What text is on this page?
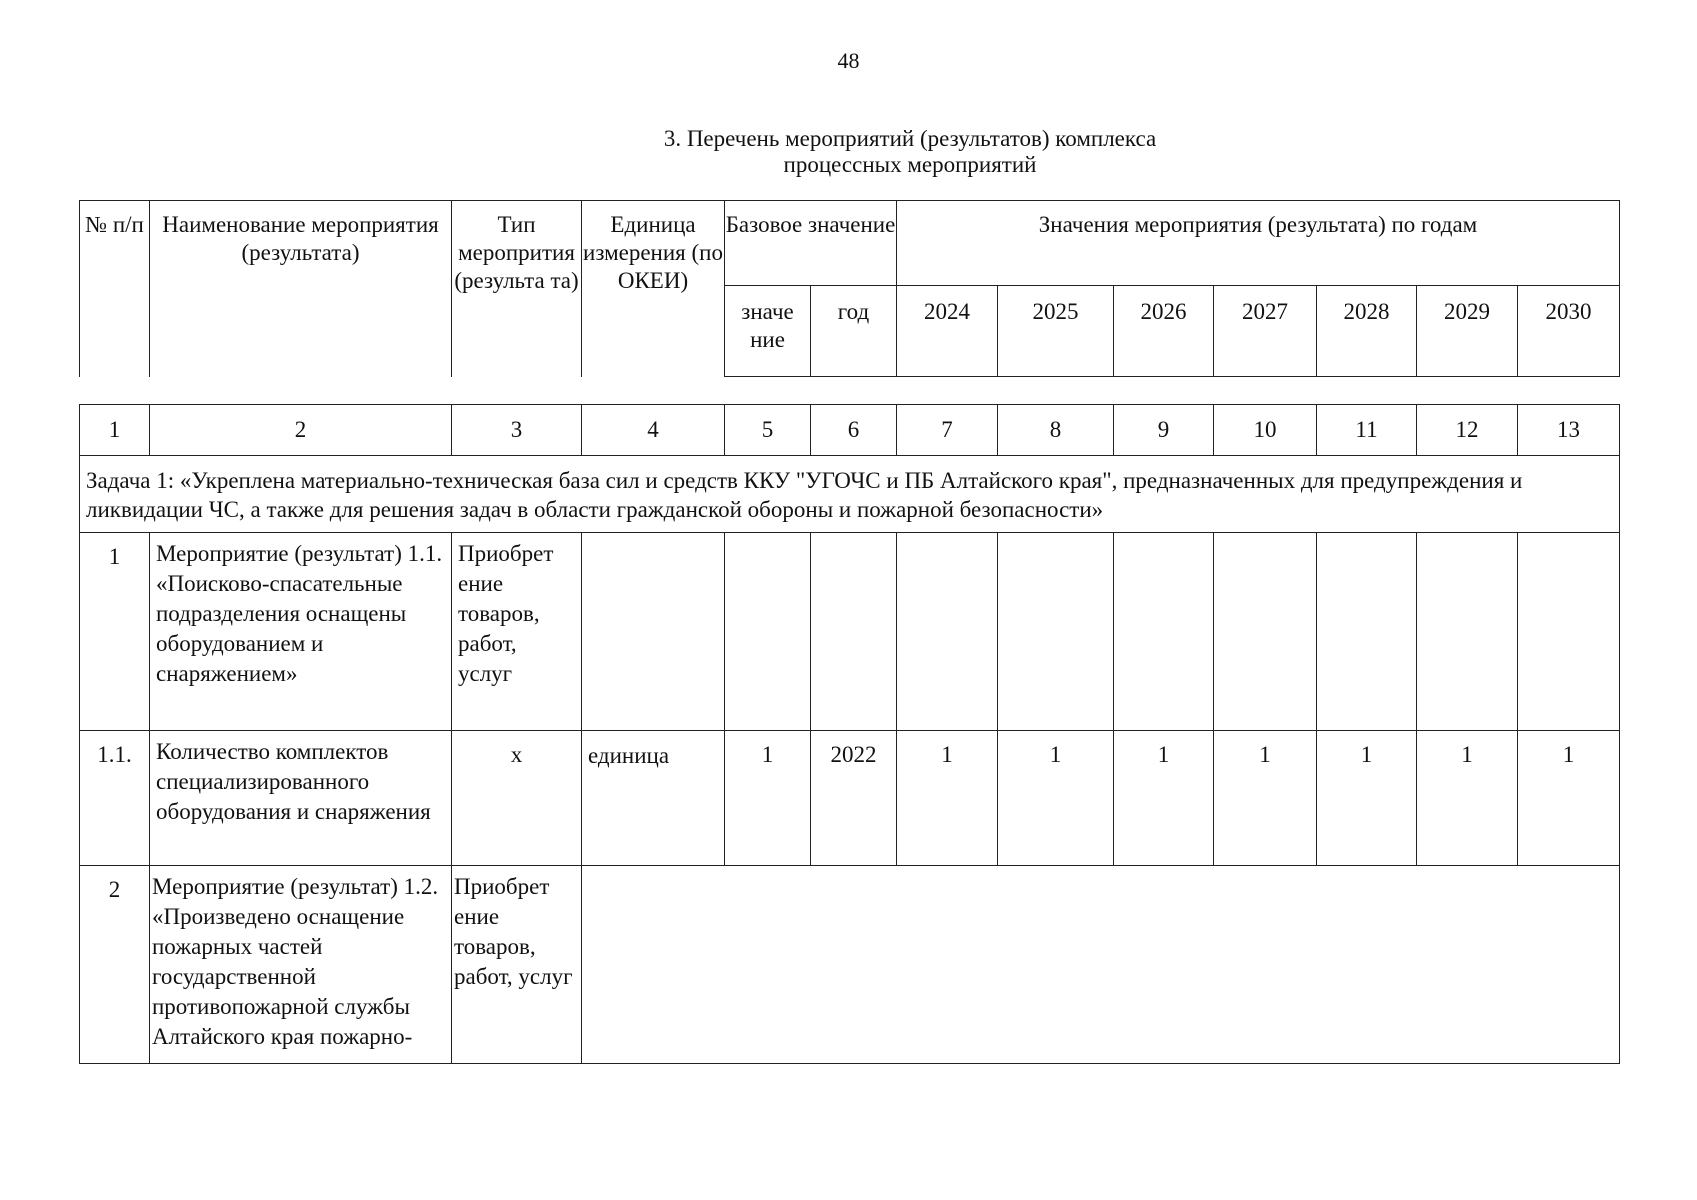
48
3. Перечень мероприятий (результатов) комплекса
процессных мероприятий
№ п/п	Наименование мероприятия (результата)	Тип меропрития (результа та)	Единица измерения (по ОКЕИ)	Базовое значение		Значения мероприятия (результата) по годам						
				значе ние	год	2024	2025	2026	2027	2028	2029	2030
1	2	3	4	5	6	7	8	9	10	11	12	13
Задача 1: «Укреплена материально-техническая база сил и средств ККУ "УГОЧС и ПБ Алтайского края", предназначенных для предупреждения и ликвидации ЧС, а также для решения задач в области гражданской обороны и пожарной безопасности»												
1	Мероприятие (результат) 1.1. «Поисково-спасательные подразделения оснащены оборудованием и снаряжением»	Приобрет ение товаров, работ, услуг										
1.1.	Количество комплектов специализированного оборудования и снаряжения	х	единица	1	2022	1	1	1	1	1	1	1
2	Мероприятие (результат) 1.2. «Произведено оснащение пожарных частей государственной противопожарной службы Алтайского края пожарно-	Приобрет ение товаров, работ, услуг										
